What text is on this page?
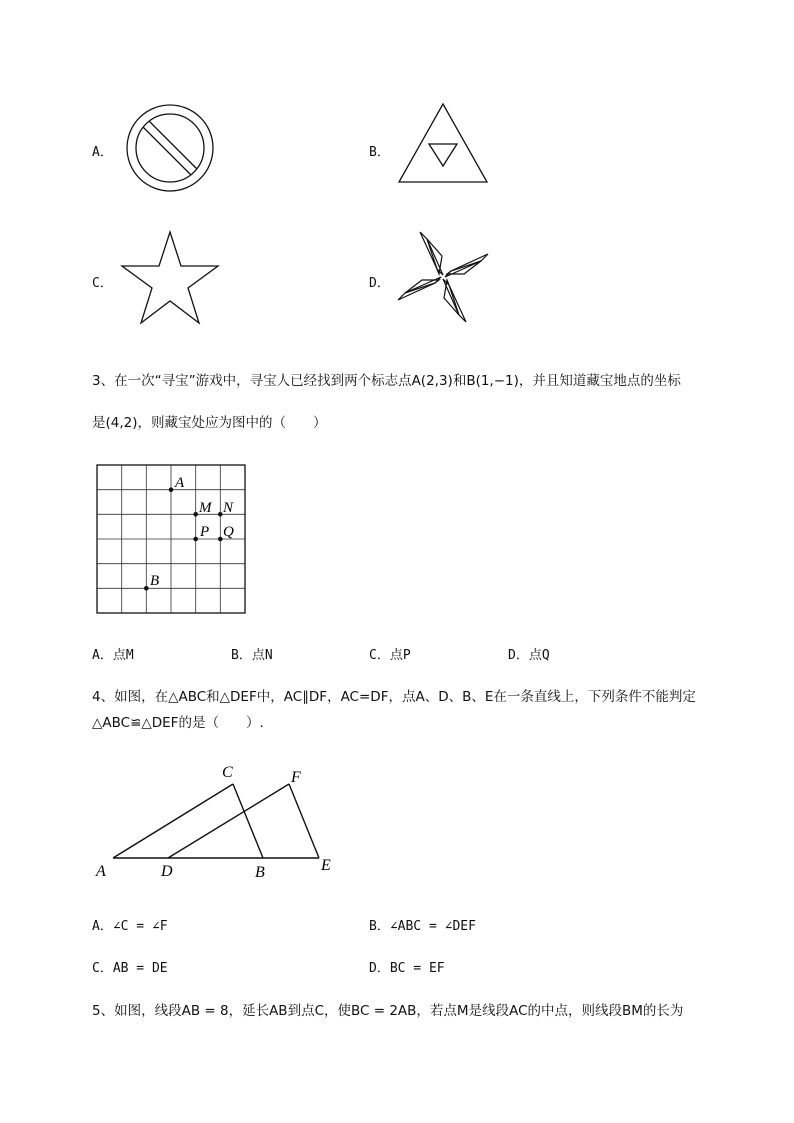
A．	B．
C．	D．
3、在一次“寻宝”游戏中，寻宝人已经找到两个标志点A(2,3)和B(1,−1)，并且知道藏宝地点的坐标
是(4,2)，则藏宝处应为图中的（　　）
A
M N
P Q
B
A．点M	B．点N	C．点P	D．点Q
4、如图，在△ABC和△DEF中，AC∥DF，AC=DF，点A、D、B、E在一条直线上，下列条件不能判定
△ABC≌△DEF的是（　　）.
A	D	B	E
C	F
A．∠C = ∠F	B．∠ABC = ∠DEF
C．AB = DE	D．BC = EF
5、如图，线段AB = 8，延长AB到点C，使BC = 2AB，若点M是线段AC的中点，则线段BM的长为
